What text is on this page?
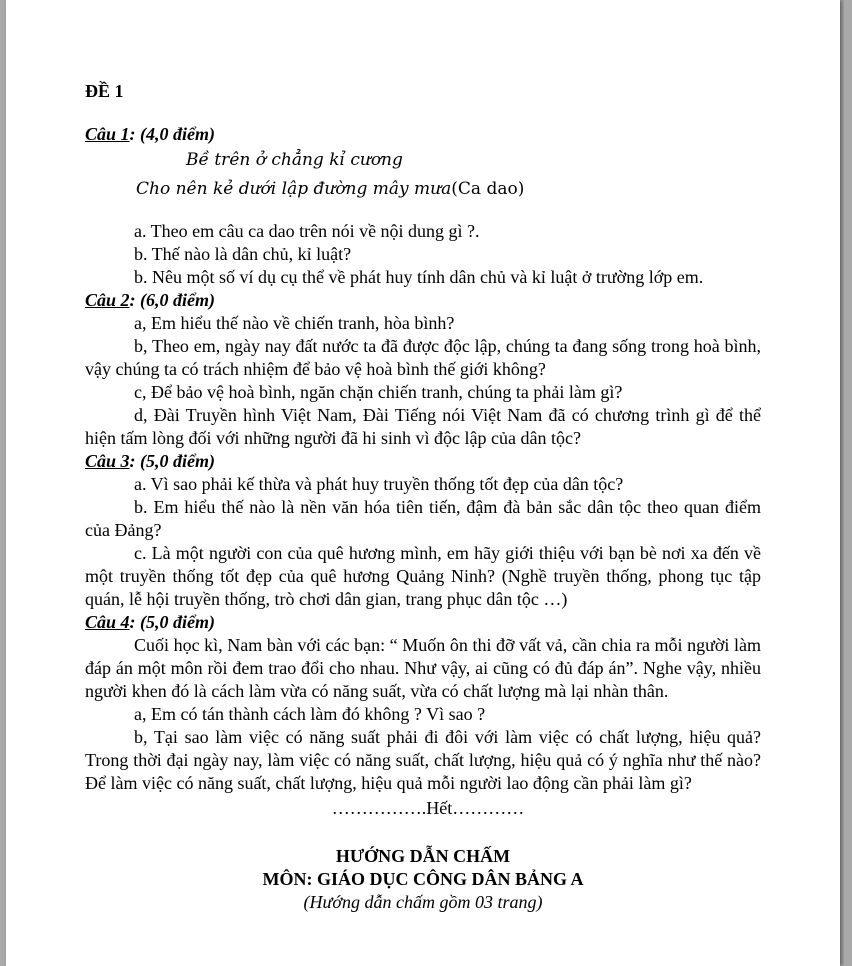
ĐỀ 1

Câu 1: (4,0 điểm)

Bề trên ở chẳng kỉ cương
Cho nên kẻ dưới lập đường mây mưa(Ca dao)

a. Theo em câu ca dao trên nói về nội dung gì ?.

b. Thế nào là dân chủ, kỉ luật?

b. Nêu một số ví dụ cụ thể về phát huy tính dân chủ và kỉ luật ở trường lớp em.

Câu 2: (6,0 điểm)

a, Em hiểu thế nào về chiến tranh, hòa bình?

b, Theo em, ngày nay đất nước ta đã được độc lập, chúng ta đang sống trong hoà bình, vậy chúng ta có trách nhiệm để bảo vệ hoà bình thế giới không?

c, Để bảo vệ hoà bình, ngăn chặn chiến tranh, chúng ta phải làm gì?

d, Đài Truyền hình Việt Nam, Đài Tiếng nói Việt Nam đã có chương trình gì để thể hiện tấm lòng đối với những người đã hi sinh vì độc lập của dân tộc?

Câu 3: (5,0 điểm)

a. Vì sao phải kế thừa và phát huy truyền thống tốt đẹp của dân tộc?

b. Em hiểu thế nào là nền văn hóa tiên tiến, đậm đà bản sắc dân tộc theo quan điểm của Đảng?

c. Là một người con của quê hương mình, em hãy giới thiệu với bạn bè nơi xa đến về một truyền thống tốt đẹp của quê hương Quảng Ninh? (Nghề truyền thống, phong tục tập quán, lễ hội truyền thống, trò chơi dân gian, trang phục dân tộc …)

Câu 4: (5,0 điểm)

Cuối học kì, Nam bàn với các bạn: “ Muốn ôn thi đỡ vất vả, cần chia ra mỗi người làm đáp án một môn rồi đem trao đổi cho nhau. Như vậy, ai cũng có đủ đáp án”. Nghe vậy, nhiều người khen đó là cách làm vừa có năng suất, vừa có chất lượng mà lại nhàn thân.

a, Em có tán thành cách làm đó không ? Vì sao ?

b, Tại sao làm việc có năng suất phải đi đôi với làm việc có chất lượng, hiệu quả? Trong thời đại ngày nay, làm việc có năng suất, chất lượng, hiệu quả có ý nghĩa như thế nào? Để làm việc có năng suất, chất lượng, hiệu quả mỗi người lao động cần phải làm gì?

…………….Hết…………

HƯỚNG DẪN CHẤM

MÔN: GIÁO DỤC CÔNG DÂN BẢNG A

(Hướng dẫn chấm gồm 03 trang)
